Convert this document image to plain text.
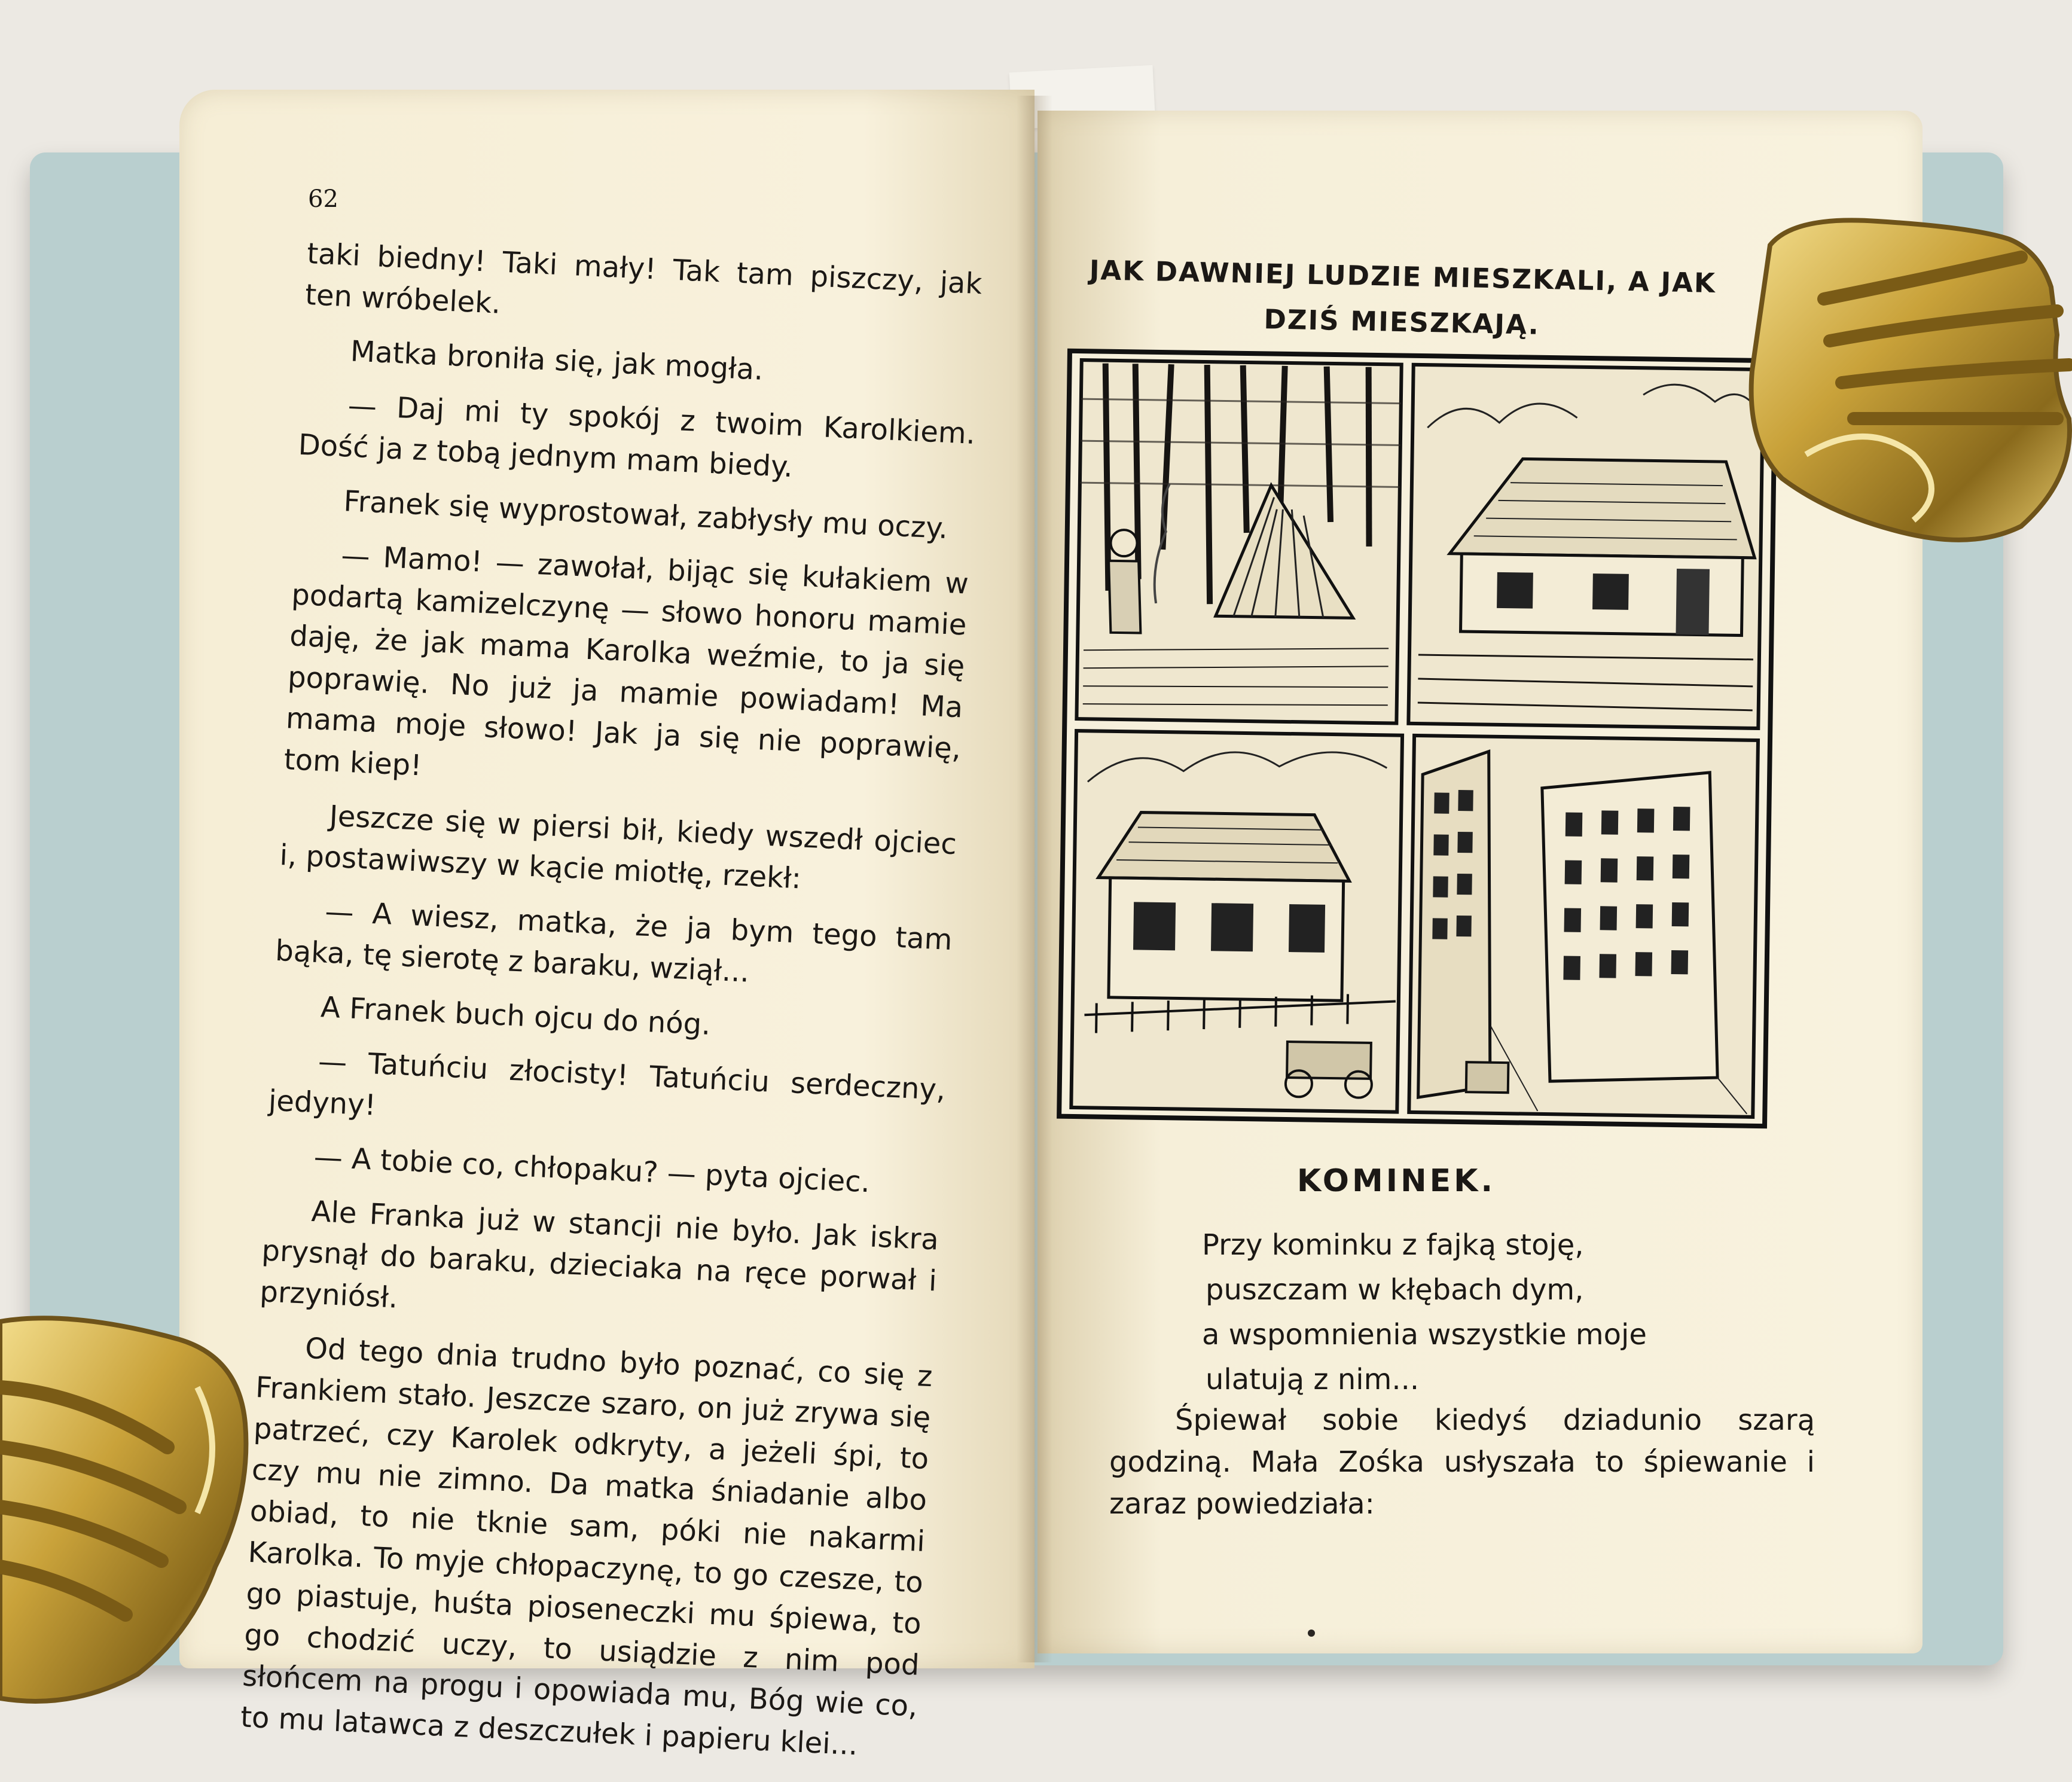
62

taki biedny! Taki mały! Tak tam piszczy, jak ten wróbelek.

Matka broniła się, jak mogła.

— Daj mi ty spokój z twoim Karolkiem. Dość ja z tobą jednym mam biedy.

Franek się wyprostował, zabłysły mu oczy.

— Mamo! — zawołał, bijąc się kułakiem w podartą kamizelczynę — słowo honoru mamie daję, że jak mama Karolka weźmie, to ja się poprawię. No już ja mamie powiadam! Ma mama moje słowo! Jak ja się nie poprawię, tom kiep!

Jeszcze się w piersi bił, kiedy wszedł ojciec i, postawiwszy w kącie miotłę, rzekł:

— A wiesz, matka, że ja bym tego tam bąka, tę sierotę z baraku, wziął...

A Franek buch ojcu do nóg.

— Tatuńciu złocisty! Tatuńciu serdeczny, jedyny!

— A tobie co, chłopaku? — pyta ojciec.

Ale Franka już w stancji nie było. Jak iskra prysnął do baraku, dzieciaka na ręce porwał i przyniósł.

Od tego dnia trudno było poznać, co się z Frankiem stało. Jeszcze szaro, on już zrywa się patrzeć, czy Karolek odkryty, a jeżeli śpi, to czy mu nie zimno. Da matka śniadanie albo obiad, to nie tknie sam, póki nie nakarmi Karolka. To myje chłopaczynę, to go czesze, to go piastuje, huśta pioseneczki mu śpiewa, to go chodzić uczy, to usiądzie z nim pod słońcem na progu i opowiada mu, Bóg wie co, to mu latawca z deszczułek i papieru klei...

JAK DAWNIEJ LUDZIE MIESZKALI, A JAK
DZIŚ MIESZKAJĄ.
KOMINEK.
Przy kominku z fajką stoję,
puszczam w kłębach dym,
a wspomnienia wszystkie moje
ulatują z nim...

Śpiewał sobie kiedyś dziadunio szarą godziną. Mała Zośka usłyszała to śpiewanie i zaraz powiedziała:
